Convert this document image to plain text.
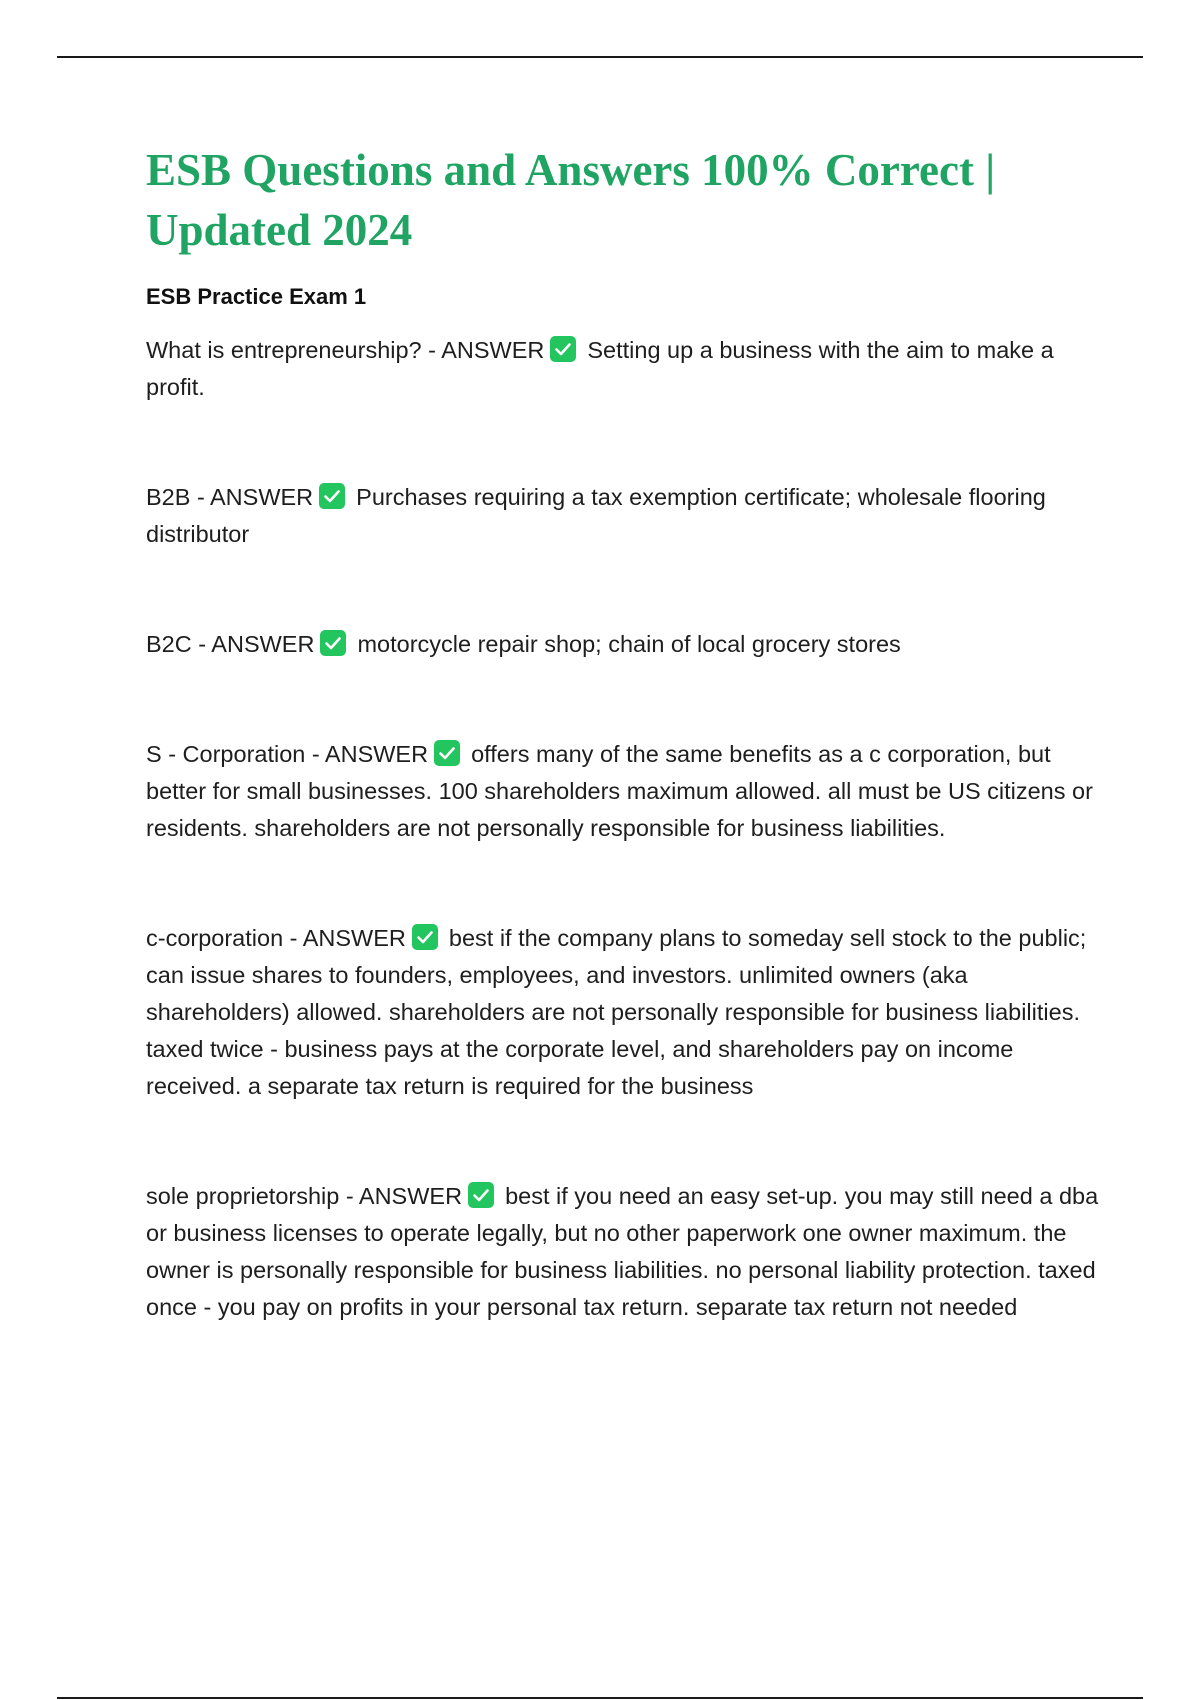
ESB Questions and Answers 100% Correct | Updated 2024
ESB Practice Exam 1
What is entrepreneurship? - ANSWER Setting up a business with the aim to make a profit.
B2B - ANSWER Purchases requiring a tax exemption certificate; wholesale flooring distributor
B2C - ANSWER motorcycle repair shop; chain of local grocery stores
S - Corporation - ANSWER offers many of the same benefits as a c corporation, but better for small businesses. 100 shareholders maximum allowed. all must be US citizens or residents. shareholders are not personally responsible for business liabilities.
c-corporation - ANSWER best if the company plans to someday sell stock to the public; can issue shares to founders, employees, and investors. unlimited owners (aka shareholders) allowed. shareholders are not personally responsible for business liabilities. taxed twice - business pays at the corporate level, and shareholders pay on income received. a separate tax return is required for the business
sole proprietorship - ANSWER best if you need an easy set-up. you may still need a dba or business licenses to operate legally, but no other paperwork one owner maximum. the owner is personally responsible for business liabilities. no personal liability protection. taxed once - you pay on profits in your personal tax return. separate tax return not needed
